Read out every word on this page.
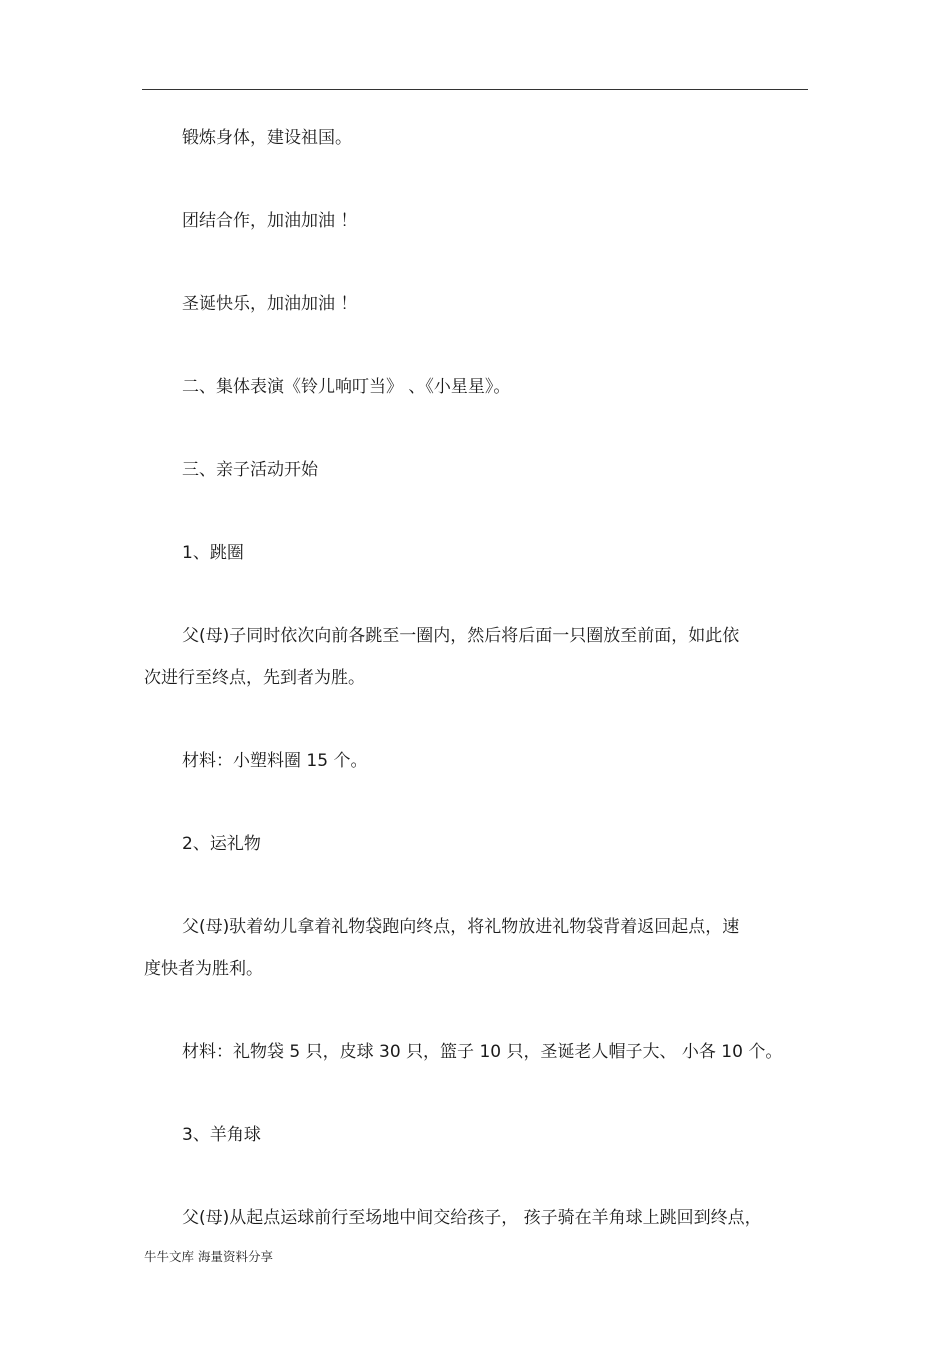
锻炼身体，建设祖国。
团结合作，加油加油 ！
圣诞快乐，加油加油 ！
二、集体表演《铃儿响叮当》 、《小星星》。
三、亲子活动开始
1、跳圈
父(母)子同时依次向前各跳至一圈内，然后将后面一只圈放至前面，如此依
次进行至终点，先到者为胜。
材料：小塑料圈 15 个。
2、运礼物
父(母)驮着幼儿拿着礼物袋跑向终点，将礼物放进礼物袋背着返回起点，速
度快者为胜利。
材料：礼物袋 5 只，皮球 30 只，篮子 10 只，圣诞老人帽子大、 小各 10 个。
3、羊角球
父(母)从起点运球前行至场地中间交给孩子， 孩子骑在羊角球上跳回到终点，
牛牛文库 海量资料分享
